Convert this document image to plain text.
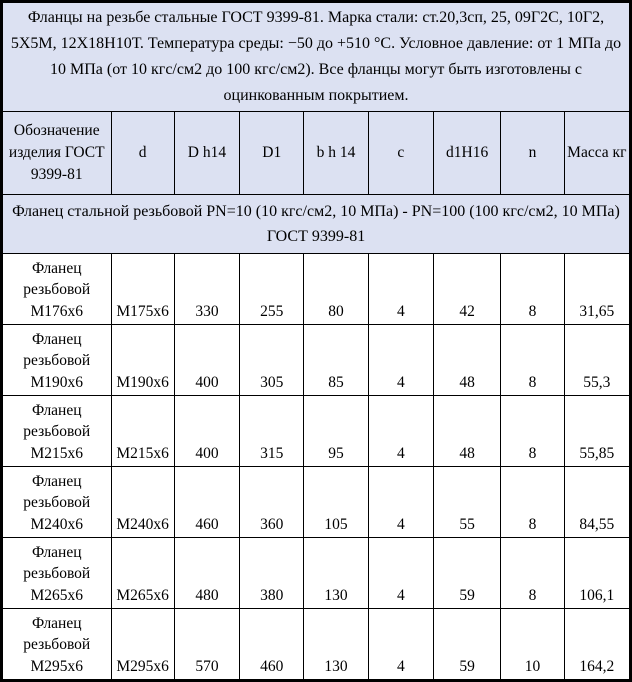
Фланцы на резьбе стальные ГОСТ 9399-81. Марка стали: ст.20,3сп, 25, 09Г2С, 10Г2, 5Х5М, 12Х18Н10Т. Температура среды: −50 до +510 °С. Условное давление: от 1 МПа до 10 МПа (от 10 кгс/см2 до 100 кгс/см2). Все фланцы могут быть изготовлены с оцинкованным покрытием.								
Обозначение изделия ГОСТ 9399-81	d	D h14	D1	b h 14	c	d1H16	n	Масса кг
Фланец стальной резьбовой PN=10 (10 кгс/см2, 10 МПа) - PN=100 (100 кгс/см2, 10 МПа) ГОСТ 9399-81								
Фланец резьбовой М176х6	М175х6	330	255	80	4	42	8	31,65
Фланец резьбовой М190х6	М190х6	400	305	85	4	48	8	55,3
Фланец резьбовой М215х6	М215х6	400	315	95	4	48	8	55,85
Фланец резьбовой М240х6	М240х6	460	360	105	4	55	8	84,55
Фланец резьбовой М265х6	М265х6	480	380	130	4	59	8	106,1
Фланец резьбовой М295х6	М295х6	570	460	130	4	59	10	164,2
